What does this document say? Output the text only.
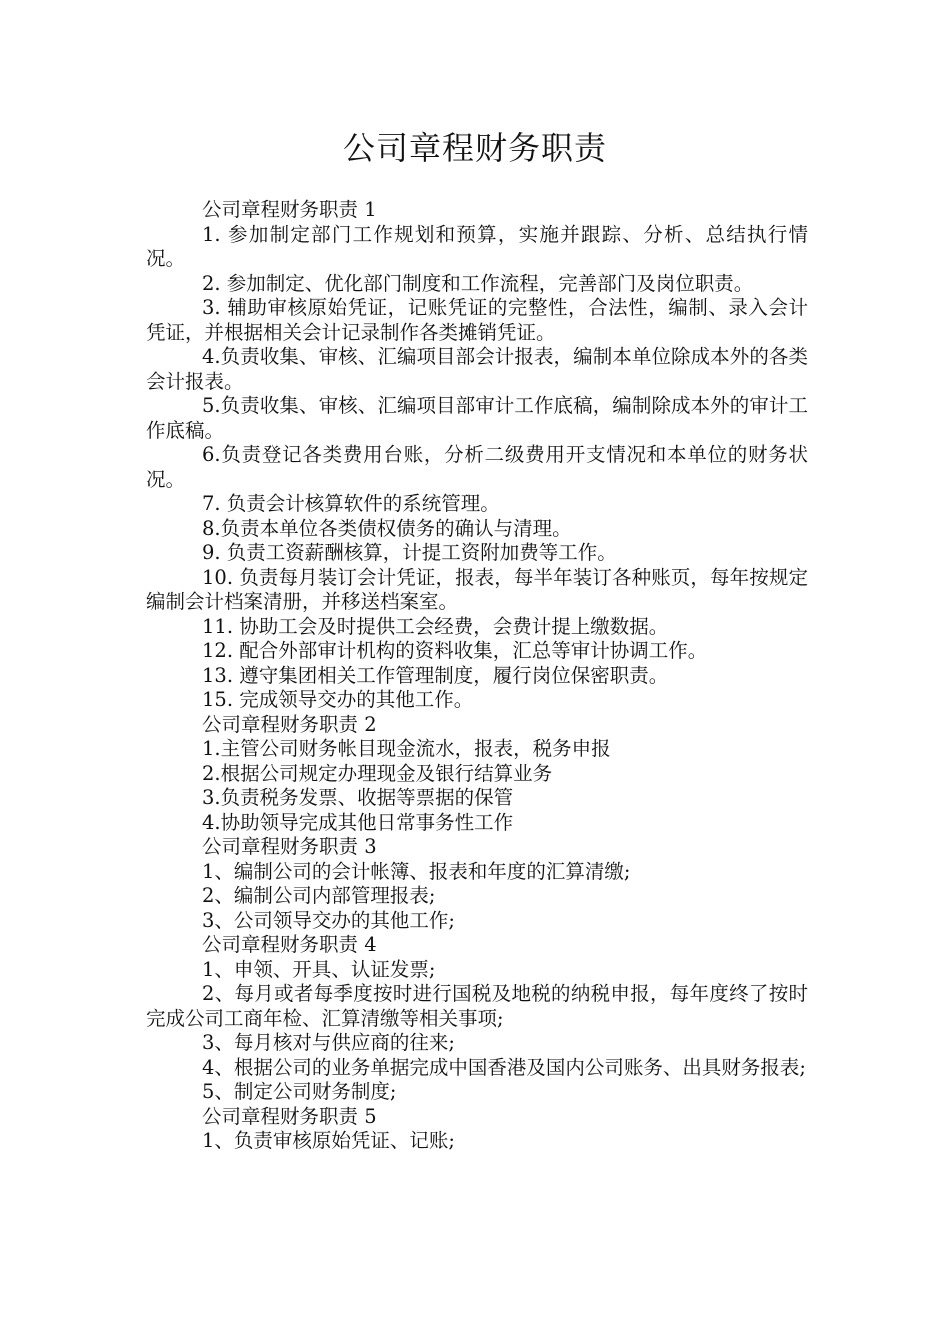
公司章程财务职责

公司章程财务职责 1

1. 参加制定部门工作规划和预算，实施并跟踪、分析、总结执行情况。

2. 参加制定、优化部门制度和工作流程，完善部门及岗位职责。

3. 辅助审核原始凭证，记账凭证的完整性，合法性，编制、录入会计凭证，并根据相关会计记录制作各类摊销凭证。

4.负责收集、审核、汇编项目部会计报表，编制本单位除成本外的各类会计报表。

5.负责收集、审核、汇编项目部审计工作底稿，编制除成本外的审计工作底稿。

6.负责登记各类费用台账，分析二级费用开支情况和本单位的财务状况。

7. 负责会计核算软件的系统管理。

8.负责本单位各类债权债务的确认与清理。

9. 负责工资薪酬核算，计提工资附加费等工作。

10. 负责每月装订会计凭证，报表，每半年装订各种账页，每年按规定编制会计档案清册，并移送档案室。

11. 协助工会及时提供工会经费，会费计提上缴数据。

12. 配合外部审计机构的资料收集，汇总等审计协调工作。

13. 遵守集团相关工作管理制度，履行岗位保密职责。

15. 完成领导交办的其他工作。

公司章程财务职责 2

1.主管公司财务帐目现金流水，报表，税务申报

2.根据公司规定办理现金及银行结算业务

3.负责税务发票、收据等票据的保管

4.协助领导完成其他日常事务性工作

公司章程财务职责 3

1、编制公司的会计帐簿、报表和年度的汇算清缴;

2、编制公司内部管理报表;

3、公司领导交办的其他工作;

公司章程财务职责 4

1、申领、开具、认证发票;

2、每月或者每季度按时进行国税及地税的纳税申报，每年度终了按时完成公司工商年检、汇算清缴等相关事项;

3、每月核对与供应商的往来;

4、根据公司的业务单据完成中国香港及国内公司账务、出具财务报表;

5、制定公司财务制度;

公司章程财务职责 5

1、负责审核原始凭证、记账;
